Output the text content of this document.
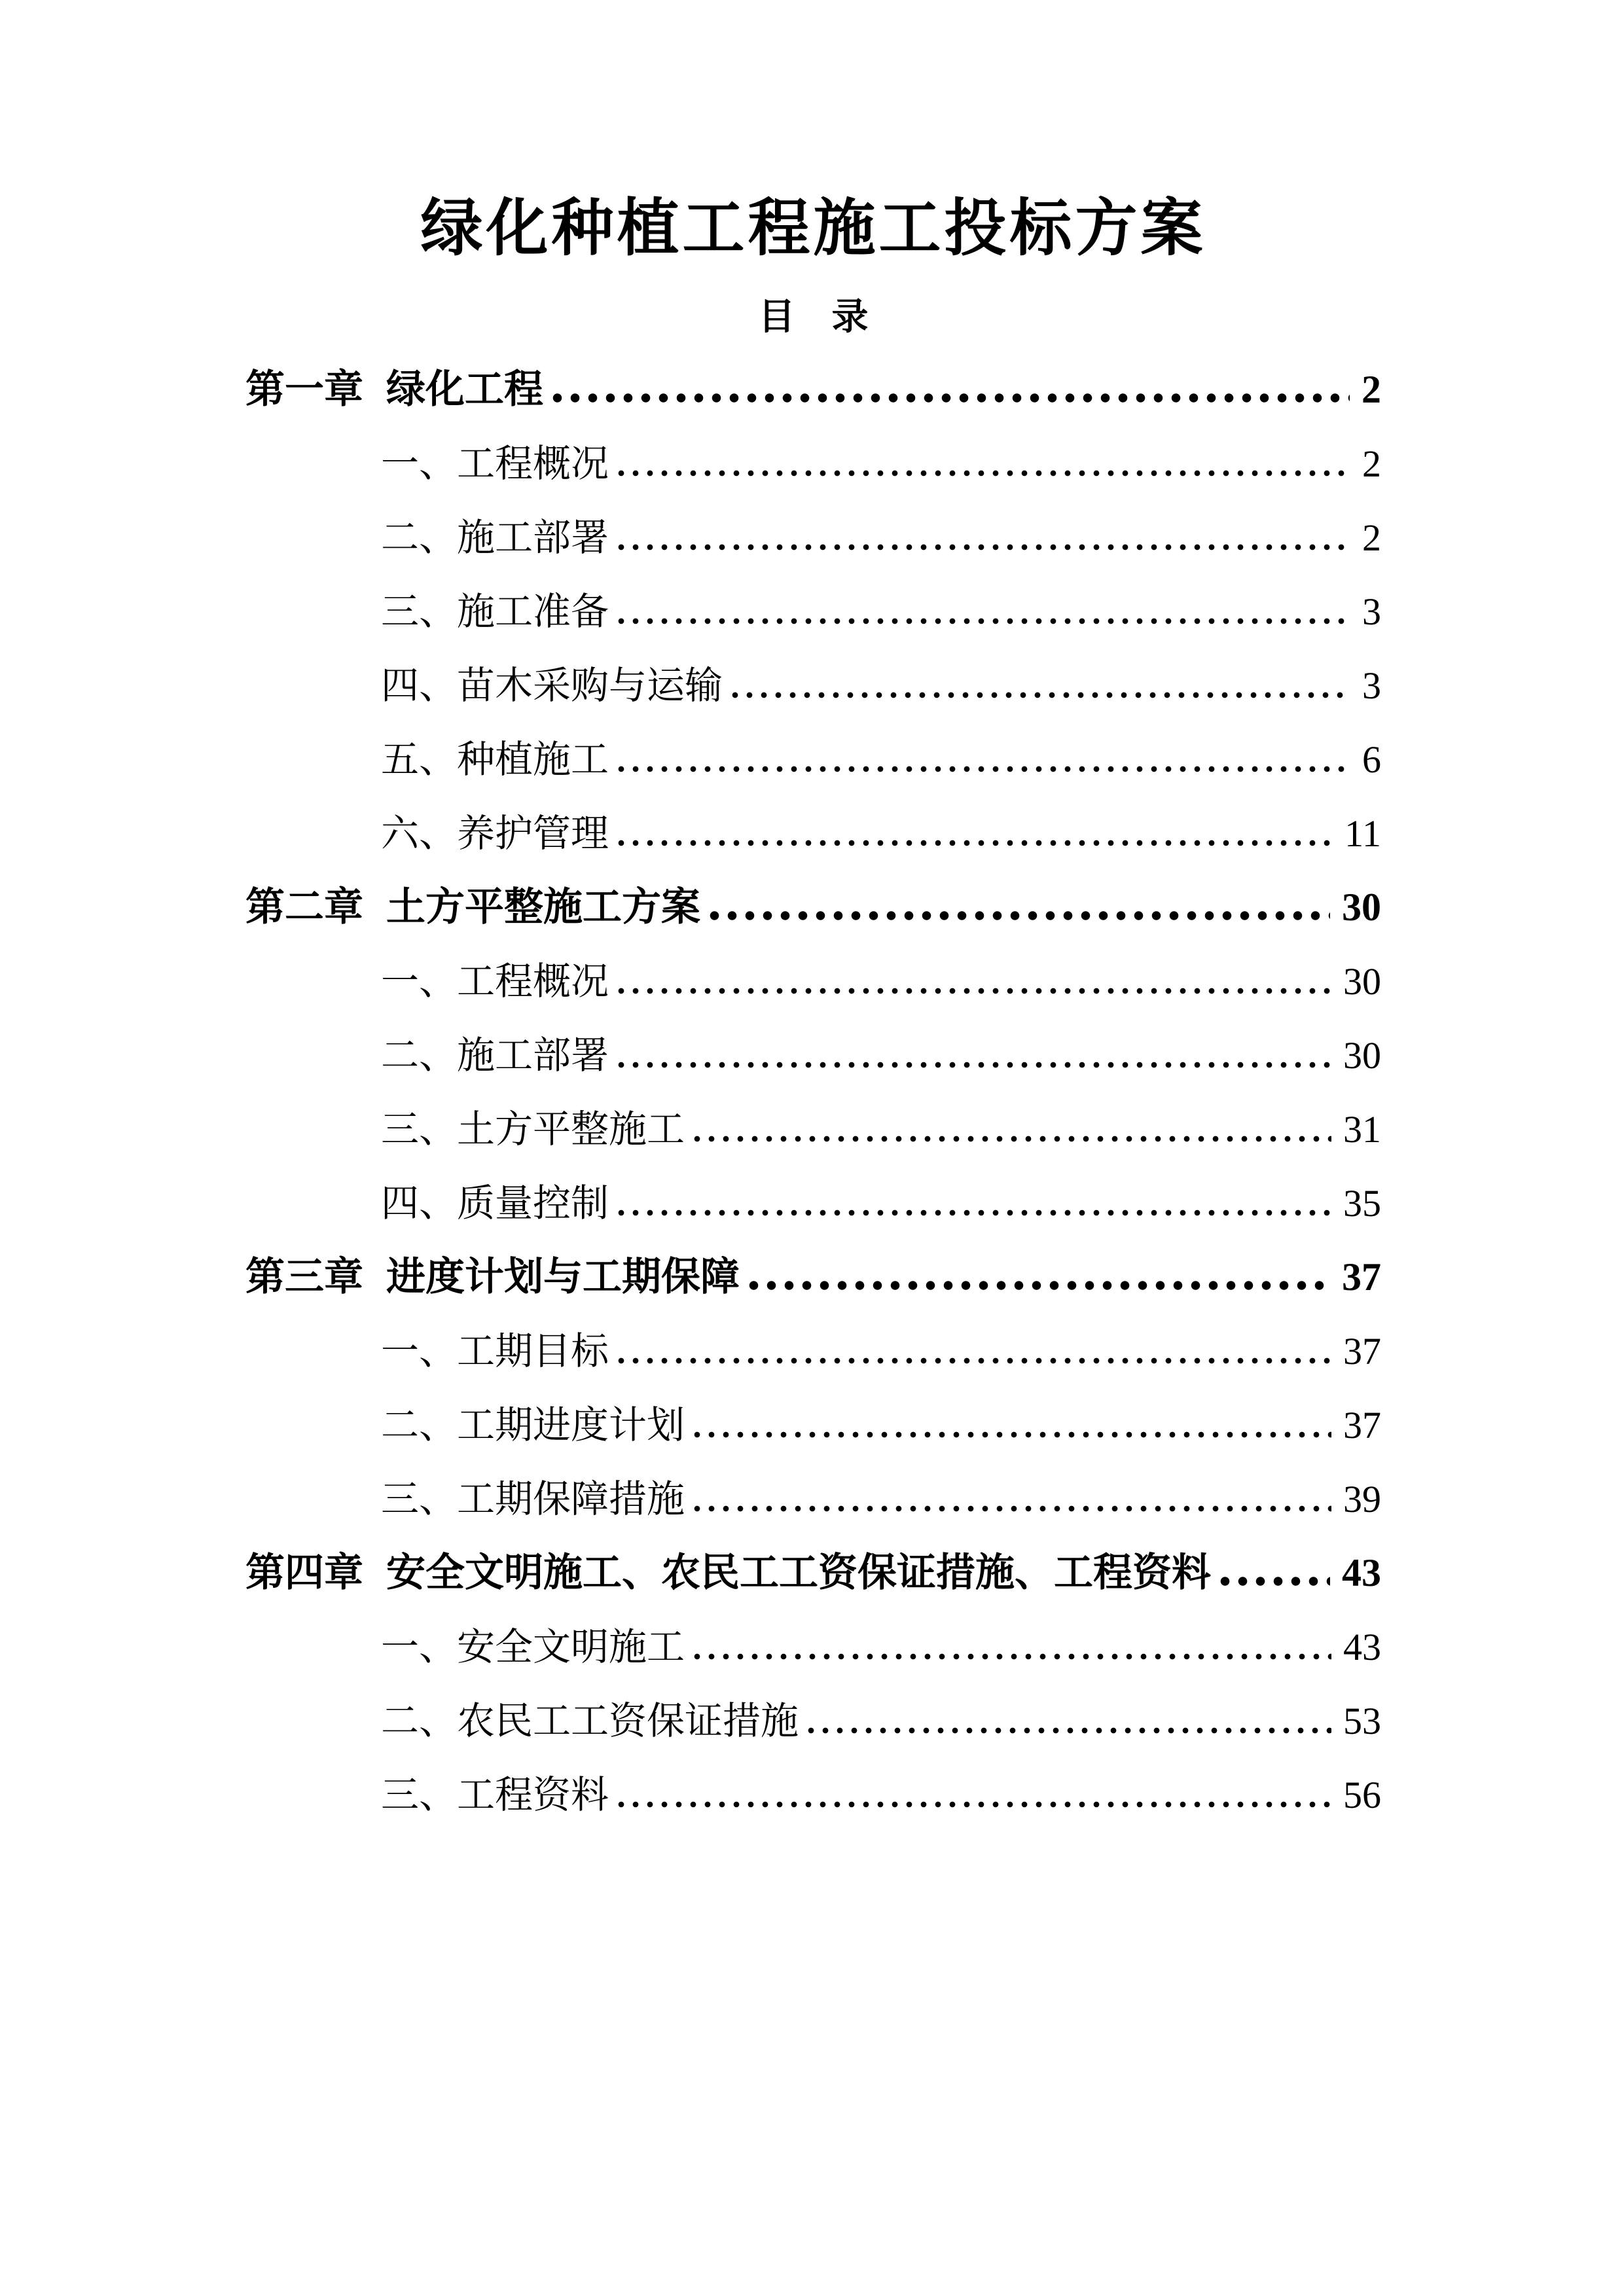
绿化种植工程施工投标方案
目　录
第一章 绿化工程	2
一、 工程概况	2
二、 施工部署	2
三、 施工准备	3
四、 苗木采购与运输	3
五、 种植施工	6
六、 养护管理	11
第二章 土方平整施工方案	30
一、 工程概况	30
二、 施工部署	30
三、 土方平整施工	31
四、 质量控制	35
第三章 进度计划与工期保障	37
一、 工期目标	37
二、 工期进度计划	37
三、 工期保障措施	39
第四章 安全文明施工、农民工工资保证措施、工程资料	43
一、 安全文明施工	43
二、 农民工工资保证措施	53
三、 工程资料	56
